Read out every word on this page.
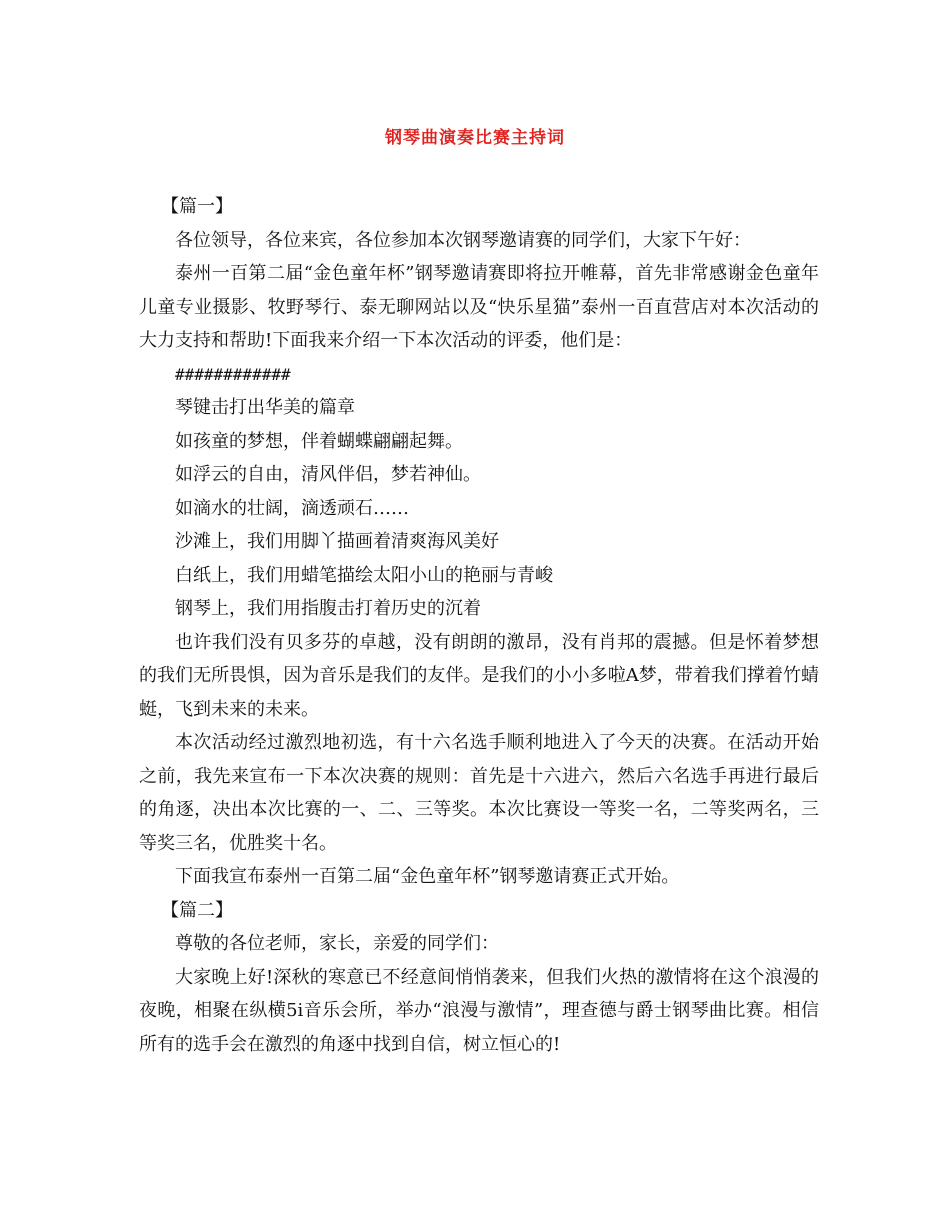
钢琴曲演奏比赛主持词

【篇一】

各位领导，各位来宾，各位参加本次钢琴邀请赛的同学们，大家下午好：

泰州一百第二届“金色童年杯”钢琴邀请赛即将拉开帷幕，首先非常感谢金色童年儿童专业摄影、牧野琴行、泰无聊网站以及“快乐星猫”泰州一百直营店对本次活动的大力支持和帮助!下面我来介绍一下本次活动的评委，他们是：

############

琴键击打出华美的篇章

如孩童的梦想，伴着蝴蝶翩翩起舞。

如浮云的自由，清风伴侣，梦若神仙。

如滴水的壮阔，滴透顽石……

沙滩上，我们用脚丫描画着清爽海风美好

白纸上，我们用蜡笔描绘太阳小山的艳丽与青峻

钢琴上，我们用指腹击打着历史的沉着

也许我们没有贝多芬的卓越，没有朗朗的激昂，没有肖邦的震撼。但是怀着梦想的我们无所畏惧，因为音乐是我们的友伴。是我们的小小多啦A梦，带着我们撑着竹蜻蜓，飞到未来的未来。

本次活动经过激烈地初选，有十六名选手顺利地进入了今天的决赛。在活动开始之前，我先来宣布一下本次决赛的规则：首先是十六进六，然后六名选手再进行最后的角逐，决出本次比赛的一、二、三等奖。本次比赛设一等奖一名，二等奖两名，三等奖三名，优胜奖十名。

下面我宣布泰州一百第二届“金色童年杯”钢琴邀请赛正式开始。

【篇二】

尊敬的各位老师，家长，亲爱的同学们：

大家晚上好!深秋的寒意已不经意间悄悄袭来，但我们火热的激情将在这个浪漫的夜晚，相聚在纵横5i音乐会所，举办“浪漫与激情”，理查德与爵士钢琴曲比赛。相信所有的选手会在激烈的角逐中找到自信，树立恒心的!
